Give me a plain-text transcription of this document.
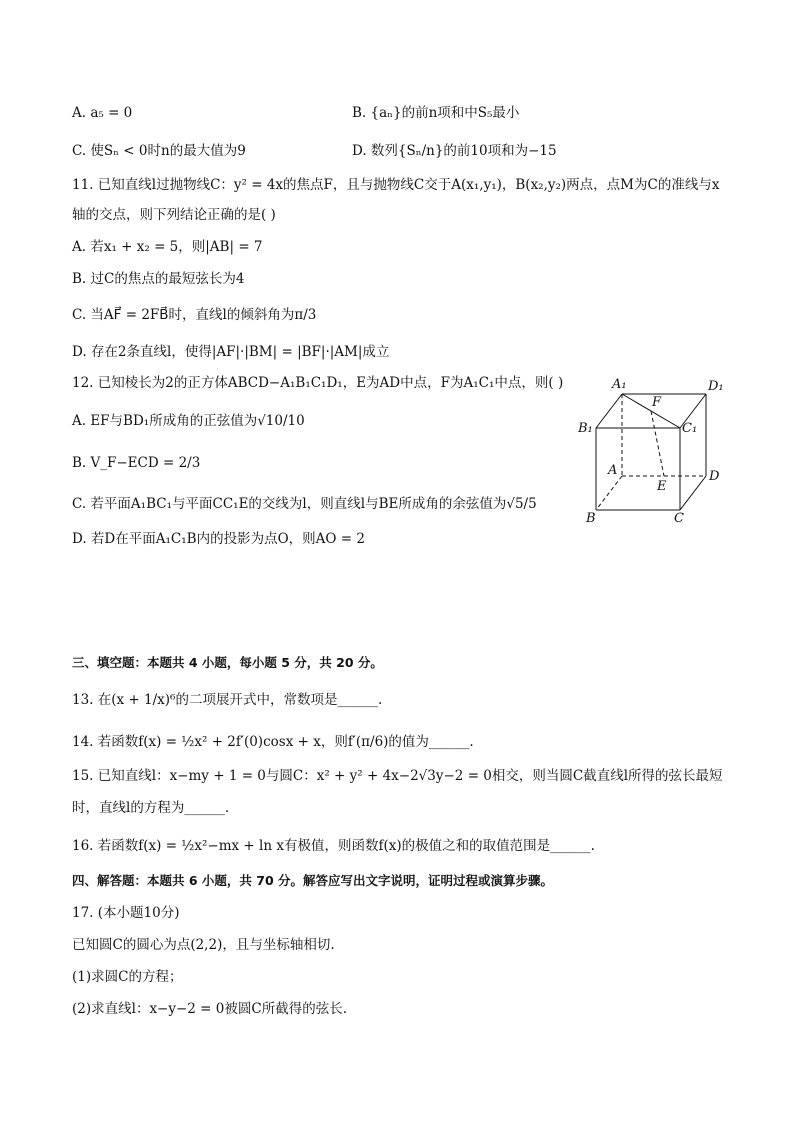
A. a₅ = 0	B. {aₙ}的前n项和中S₅最小
C. 使Sₙ < 0时n的最大值为9	D. 数列{Sₙ/n}的前10项和为−15
11. 已知直线l过抛物线C：y² = 4x的焦点F，且与抛物线C交于A(x₁,y₁)，B(x₂,y₂)两点，点M为C的准线与x
轴的交点，则下列结论正确的是( )
A. 若x₁ + x₂ = 5，则|AB| = 7
B. 过C的焦点的最短弦长为4
C. 当AF⃗ = 2FB⃗时，直线l的倾斜角为π/3
D. 存在2条直线l，使得|AF|·|BM| = |BF|·|AM|成立
12. 已知棱长为2的正方体ABCD−A₁B₁C₁D₁，E为AD中点，F为A₁C₁中点，则( )
A. EF与BD₁所成角的正弦值为√10/10
B. V_F−ECD = 2/3
C. 若平面A₁BC₁与平面CC₁E的交线为l，则直线l与BE所成角的余弦值为√5/5
D. 若D在平面A₁C₁B内的投影为点O，则AO = 2
A₁	D₁
F
B₁	C₁
A	D
E
B	C
三、填空题：本题共 4 小题，每小题 5 分，共 20 分。
13. 在(x + 1/x)⁶的二项展开式中，常数项是______.
14. 若函数f(x) = ½x² + 2f′(0)cosx + x，则f′(π/6)的值为______.
15. 已知直线l：x−my + 1 = 0与圆C：x² + y² + 4x−2√3y−2 = 0相交，则当圆C截直线l所得的弦长最短
时，直线l的方程为______.
16. 若函数f(x) = ½x²−mx + ln x有极值，则函数f(x)的极值之和的取值范围是______.
四、解答题：本题共 6 小题，共 70 分。解答应写出文字说明，证明过程或演算步骤。
17. (本小题10分)
已知圆C的圆心为点(2,2)，且与坐标轴相切.
(1)求圆C的方程；
(2)求直线l：x−y−2 = 0被圆C所截得的弦长.
